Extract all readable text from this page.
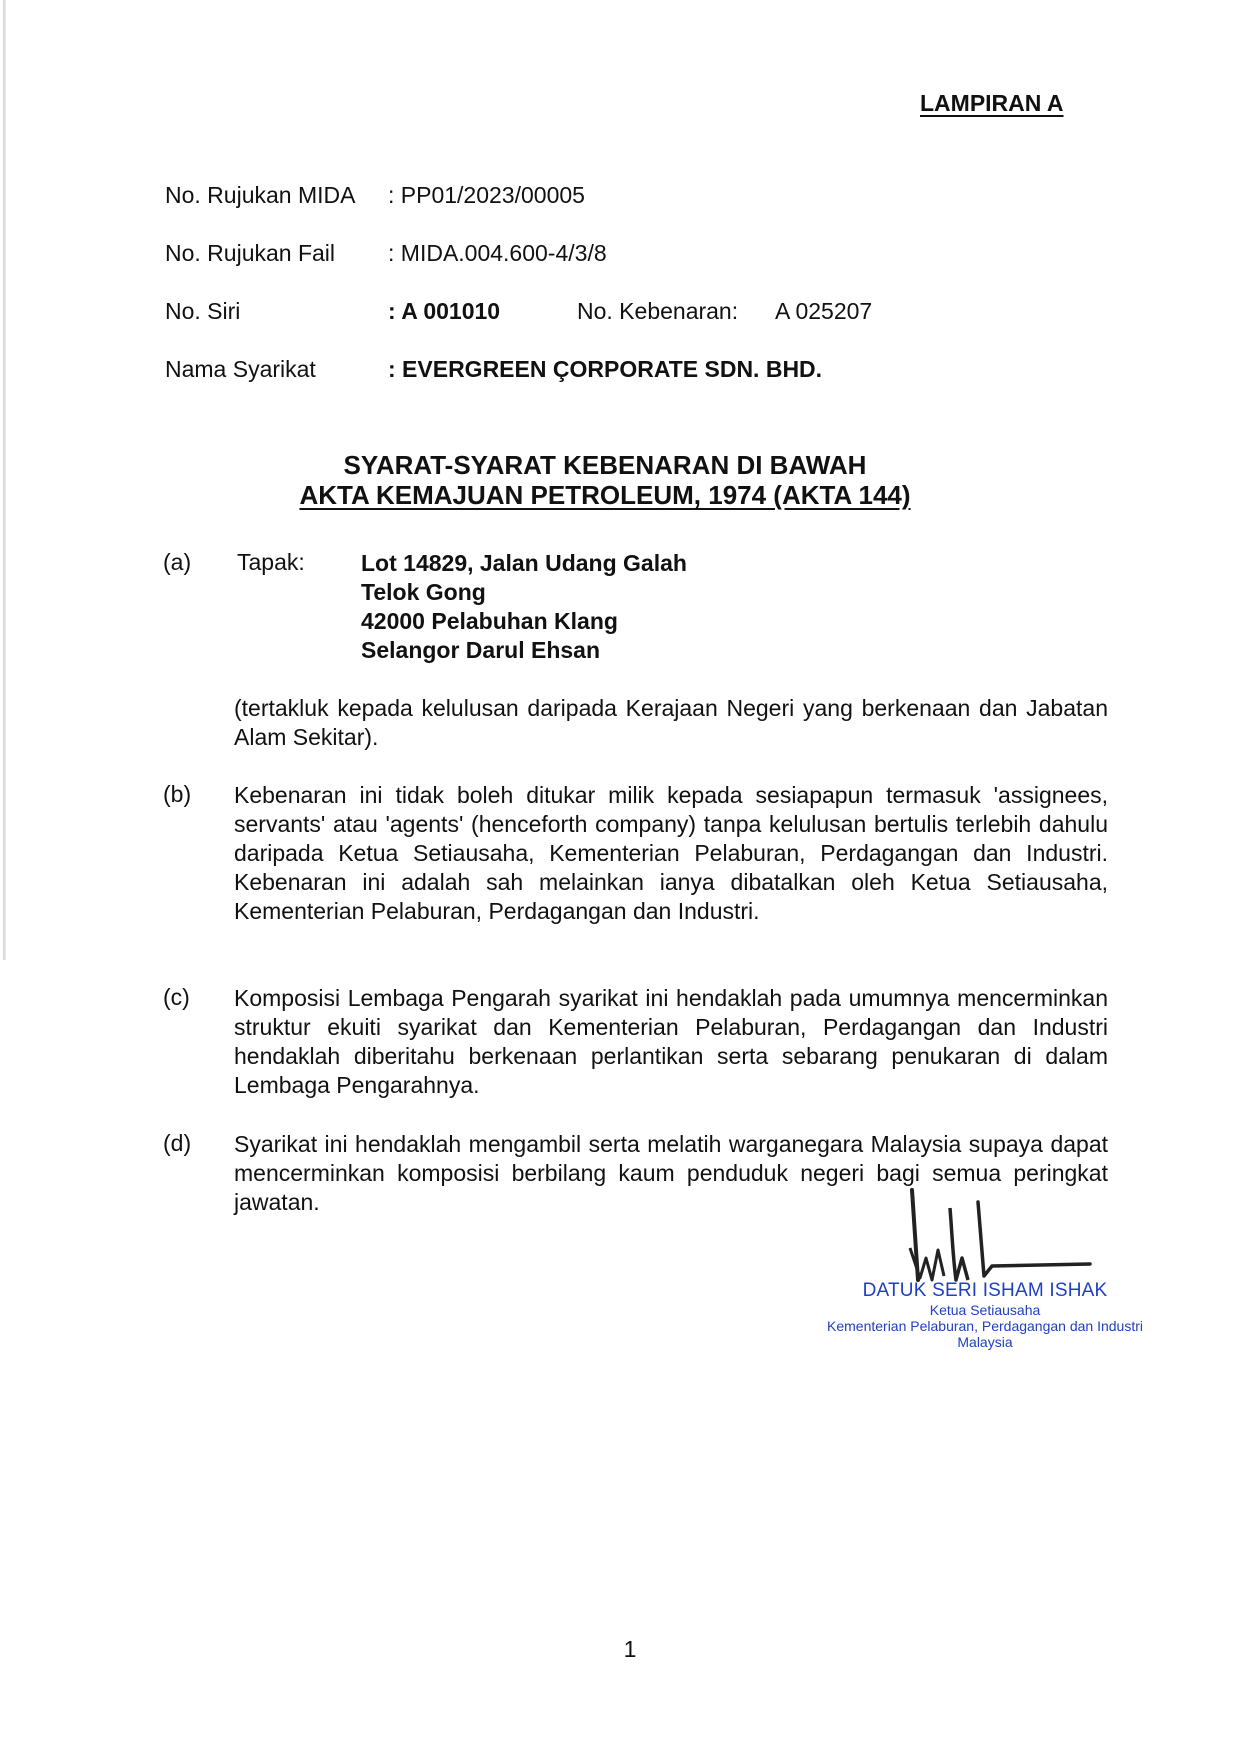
LAMPIRAN A
No. Rujukan MIDA : PP01/2023/00005
No. Rujukan Fail : MIDA.004.600-4/3/8
No. Siri	: A 001010	No. Kebenaran: A 025207
Nama Syarikat	: EVERGREEN ÇORPORATE SDN. BHD.
SYARAT-SYARAT KEBENARAN DI BAWAH
AKTA KEMAJUAN PETROLEUM, 1974 (AKTA 144)
(a) Tapak: Lot 14829, Jalan Udang Galah
Telok Gong
42000 Pelabuhan Klang
Selangor Darul Ehsan
(tertakluk kepada kelulusan daripada Kerajaan Negeri yang berkenaan dan Jabatan Alam Sekitar).
(b) Kebenaran ini tidak boleh ditukar milik kepada sesiapapun termasuk 'assignees, servants' atau 'agents' (henceforth company) tanpa kelulusan bertulis terlebih dahulu daripada Ketua Setiausaha, Kementerian Pelaburan, Perdagangan dan Industri. Kebenaran ini adalah sah melainkan ianya dibatalkan oleh Ketua Setiausaha, Kementerian Pelaburan, Perdagangan dan Industri.
(c) Komposisi Lembaga Pengarah syarikat ini hendaklah pada umumnya mencerminkan struktur ekuiti syarikat dan Kementerian Pelaburan, Perdagangan dan Industri hendaklah diberitahu berkenaan perlantikan serta sebarang penukaran di dalam Lembaga Pengarahnya.
(d) Syarikat ini hendaklah mengambil serta melatih warganegara Malaysia supaya dapat mencerminkan komposisi berbilang kaum penduduk negeri bagi semua peringkat jawatan.
DATUK SERI ISHAM ISHAK
Ketua Setiausaha
Kementerian Pelaburan, Perdagangan dan Industri
Malaysia
1
